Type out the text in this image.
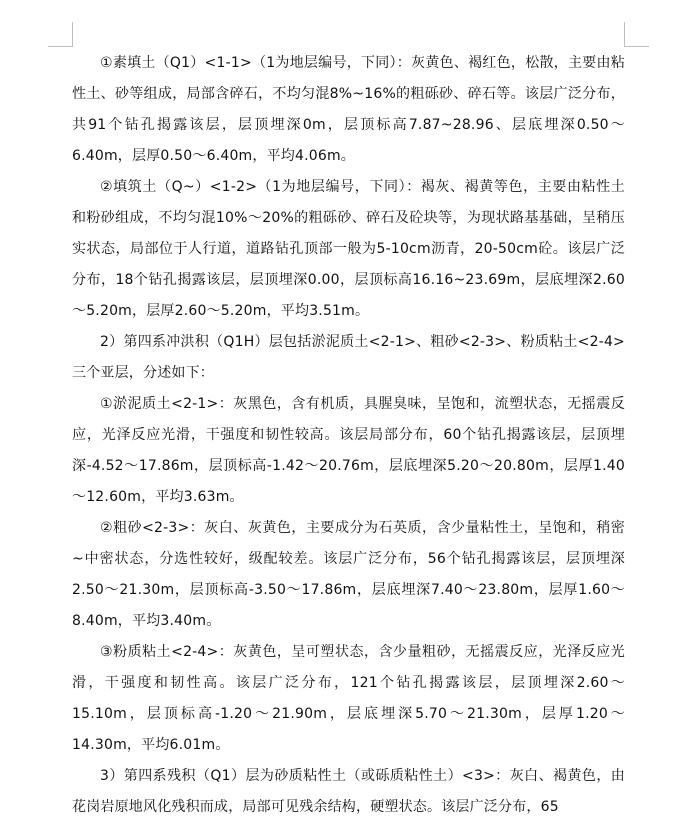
①素填土（Q1）<1-1>（1为地层编号，下同）：灰黄色、褐红色，松散，主要由粘性土、砂等组成，局部含碎石，不均匀混8%~16%的粗砾砂、碎石等。该层广泛分布，共91个钻孔揭露该层，层顶埋深0m，层顶标高7.87~28.96、层底埋深0.50～6.40m，层厚0.50～6.40m，平均4.06m。

②填筑土（Q~）<1-2>（1为地层编号，下同）：褐灰、褐黄等色，主要由粘性土和粉砂组成，不均匀混10%～20%的粗砾砂、碎石及砼块等，为现状路基基础，呈稍压实状态，局部位于人行道，道路钻孔顶部一般为5-10cm沥青，20-50cm砼。该层广泛分布，18个钻孔揭露该层，层顶埋深0.00，层顶标高16.16~23.69m，层底埋深2.60～5.20m，层厚2.60～5.20m，平均3.51m。

2）第四系冲洪积（Q1H）层包括淤泥质土<2-1>、粗砂<2-3>、粉质粘土<2-4>三个亚层，分述如下：

①淤泥质土<2-1>：灰黑色，含有机质，具腥臭味，呈饱和，流塑状态，无摇震反应，光泽反应光滑，干强度和韧性较高。该层局部分布，60个钻孔揭露该层，层顶埋深-4.52～17.86m，层顶标高-1.42～20.76m，层底埋深5.20～20.80m，层厚1.40～12.60m，平均3.63m。

②粗砂<2-3>：灰白、灰黄色，主要成分为石英质，含少量粘性土，呈饱和，稍密~中密状态，分选性较好，级配较差。该层广泛分布，56个钻孔揭露该层，层顶埋深2.50～21.30m，层顶标高-3.50～17.86m，层底埋深7.40～23.80m，层厚1.60～8.40m，平均3.40m。

③粉质粘土<2-4>：灰黄色，呈可塑状态，含少量粗砂，无摇震反应，光泽反应光滑，干强度和韧性高。该层广泛分布，121个钻孔揭露该层，层顶埋深2.60～15.10m，层顶标高-1.20～21.90m，层底埋深5.70～21.30m，层厚1.20～14.30m，平均6.01m。

3）第四系残积（Q1）层为砂质粘性土（或砾质粘性土）<3>：灰白、褐黄色，由花岗岩原地风化残积而成，局部可见残余结构，硬塑状态。该层广泛分布，65
